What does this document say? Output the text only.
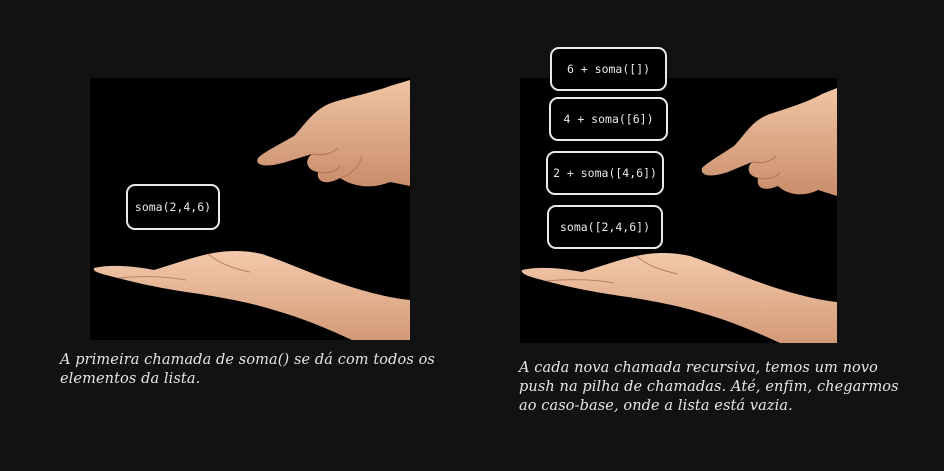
soma(2,4,6)
A primeira chamada de soma() se dá com todos os elementos da lista.
6 + soma([])
4 + soma([6])
2 + soma([4,6])
soma([2,4,6])
A cada nova chamada recursiva, temos um novo push na pilha de chamadas. Até, enfim, chegarmos ao caso-base, onde a lista está vazia.
